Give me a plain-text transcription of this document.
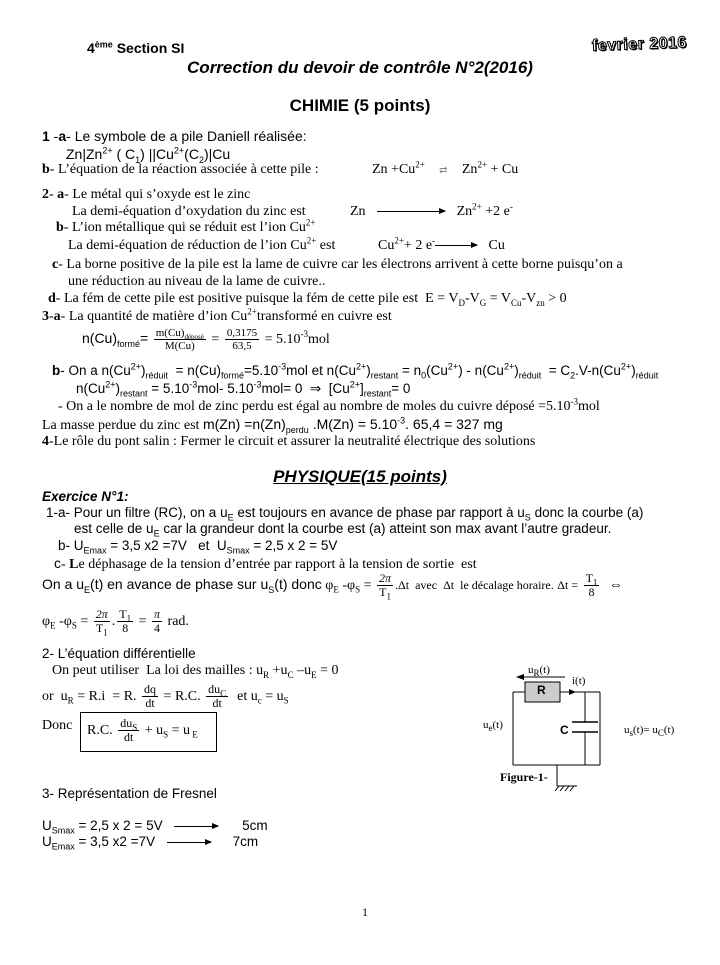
4ème Section SI	fevrier 2016
Correction du devoir de contrôle N°2(2016)
CHIMIE (5 points)
1 -a- Le symbole de a pile Daniell réalisée:
$Zn|Zn^{2+}$ ( $C_1$) $||Cu^{2+}(C_2)|Cu$
b- L’équation de la réaction associée à cette pile :	$Zn +Cu^{2+}$ ⇄ $Zn^{2+} + Cu$
2- a- Le métal qui s’oxyde est le zinc
La demi-équation d’oxydation du zinc est	Zn	$Zn^{2+} +2$ e-
b- L’ion métallique qui se réduit est l’ion $Cu^{2+}$
La demi-équation de réduction de l’ion $Cu^{2+}$ est	$Cu^{2+}+ 2$ e-	Cu
c- La borne positive de la pile est la lame de cuivre car les électrons arrivent à cette borne puisqu’on a
une réduction au niveau de la lame de cuivre..
d- La fém de cette pile est positive puisque la fém de cette pile est  $E = V_D-V_G = V_{Cu}-V_{zn} > 0$
3-a- La quantité de matière d’ion $Cu^{2+}transformé$ en cuivre est
$n(Cu)_{formé}= \frac{m(Cu)_{déposé}}{M(Cu)} = \frac{0,3175}{63,5} = 5.10^{-3}mol$
b- On a $n(Cu^{2+})_{réduit} = n(Cu)_{formé}=5.10^{-3}mol$ et $n(Cu^{2+})_{restant} = n_0(Cu^{2+}) - n(Cu^{2+})_{réduit} = C_2.V-n(Cu^{2+})_{réduit}$
$n(Cu^{2+})_{restant} = 5.10^{-3}mol-$ $5.10^{-3}mol= 0$  ⇒  $[Cu^{2+}]_{restant}= 0$
- On a le nombre de mol de zinc perdu est égal au nombre de moles du cuivre déposé $=5.10^{-3}mol$
La masse perdue du zinc est $m(Zn) =n(Zn)_{perdu}$ $.M(Zn) = 5.10^{-3}$. 65,4 = 327 mg
4-Le rôle du pont salin : Fermer le circuit et assurer la neutralité électrique des solutions
PHYSIQUE(15 points)
Exercice N°1:
1-a- Pour un filtre (RC), on a $u_E$ est toujours en avance de phase par rapport à $u_S$ donc la courbe (a)
est celle de $u_E$ car la grandeur dont la courbe est (a) atteint son max avant l’autre gradeur.
b- $U_{Emax} = 3,5$ x2 =7V   et  $U_{Smax} = 2,5$ x 2 = 5V
c- Le déphasage de la tension d’entrée par rapport à la tension de sortie  est
On a $u_E(t)$ en avance de phase sur $u_S(t)$ donc $\varphi_E$ $-\varphi_S = \frac{2\pi}{T_1} .\Delta t$  avec  Δt  le décalage horaire. $\Delta t = \frac{T_1}{8}$ ⇔
$\varphi_E$ $-\varphi_S = \frac{2\pi}{T_1}$ . $\frac{T_1}{8} = \frac{\pi}{4}$ rad.
2- L’équation différentielle
On peut utiliser  La loi des mailles : $u_R +u_C$ $-u_E = 0$
or  $u_R = R.i = R$. $\frac{dq}{dt} = R.C$. $\frac{du_C}{dt}$ et $u_c = u_S$
Donc	R.C. $\frac{du_S}{dt} + u_S = u$ $_E$
3- Représentation de Fresnel
$U_{Smax} = 2,5$ x 2 = 5V	5cm
$U_{Emax} = 3,5$ x2 =7V	7cm
$u_R(t)$
i(t)
R
$u_e(t)$	C	$u_s(t)= u_C(t)$
Figure-1-
1
